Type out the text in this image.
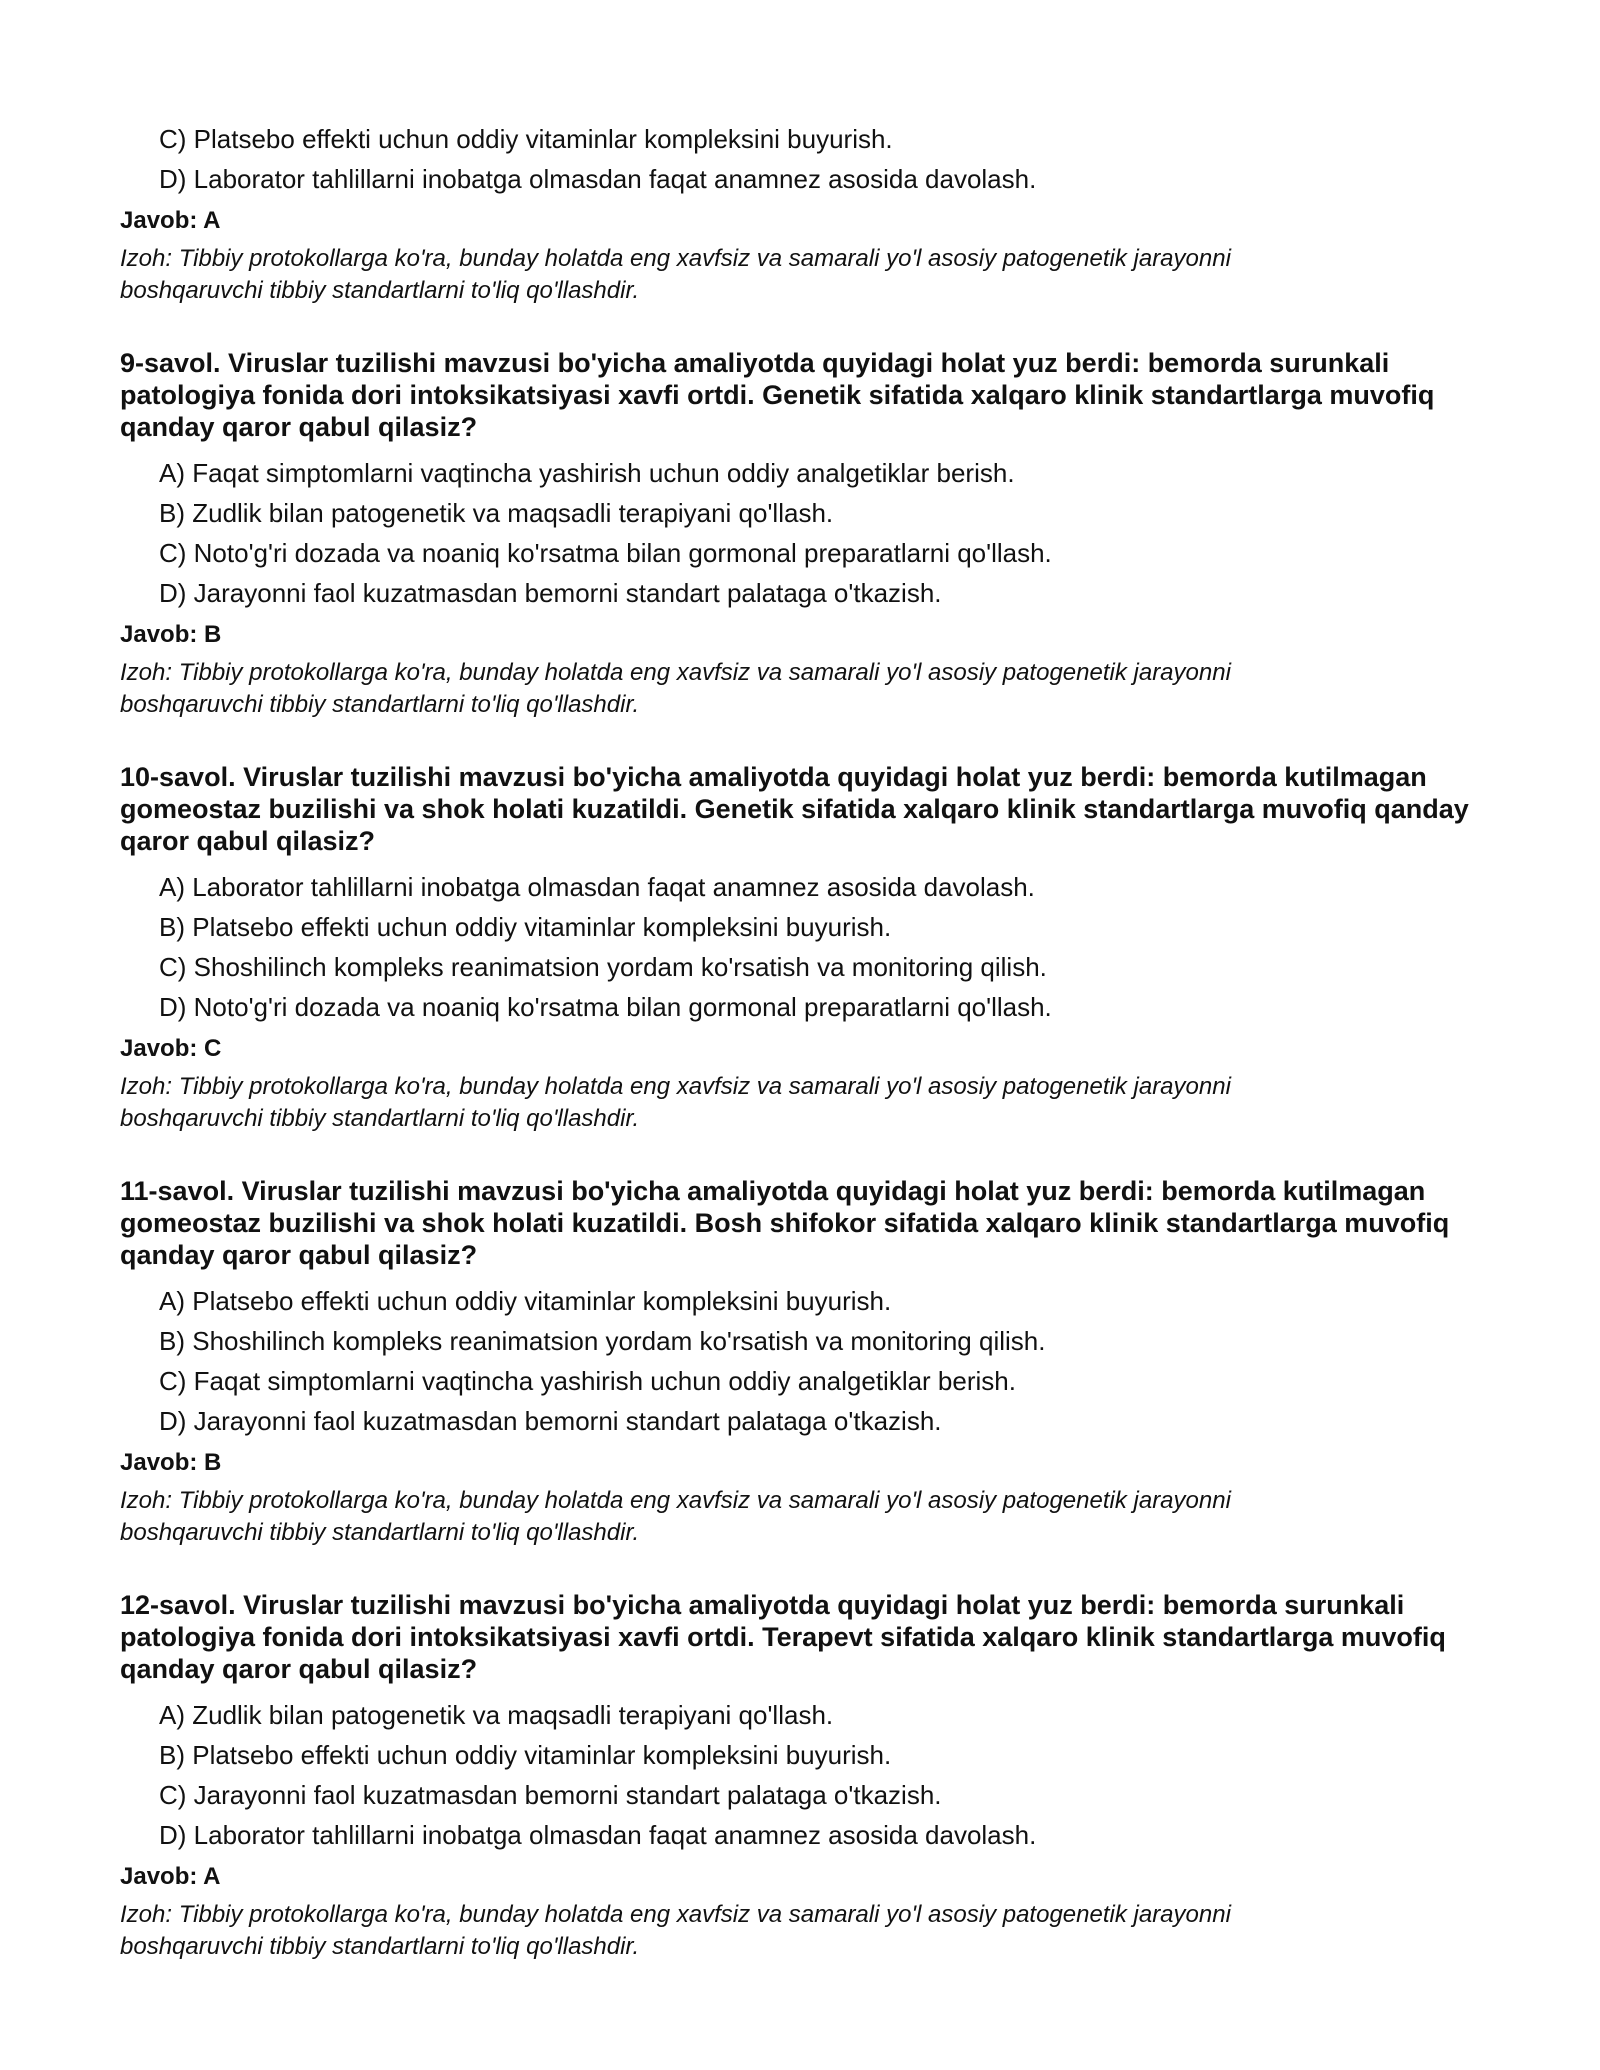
C) Platsebo effekti uchun oddiy vitaminlar kompleksini buyurish.
D) Laborator tahlillarni inobatga olmasdan faqat anamnez asosida davolash.
Javob: A
Izoh: Tibbiy protokollarga ko'ra, bunday holatda eng xavfsiz va samarali yo'l asosiy patogenetik jarayonni boshqaruvchi tibbiy standartlarni to'liq qo'llashdir.
9-savol. Viruslar tuzilishi mavzusi bo'yicha amaliyotda quyidagi holat yuz berdi: bemorda surunkali patologiya fonida dori intoksikatsiyasi xavfi ortdi. Genetik sifatida xalqaro klinik standartlarga muvofiq qanday qaror qabul qilasiz?
A) Faqat simptomlarni vaqtincha yashirish uchun oddiy analgetiklar berish.
B) Zudlik bilan patogenetik va maqsadli terapiyani qo'llash.
C) Noto'g'ri dozada va noaniq ko'rsatma bilan gormonal preparatlarni qo'llash.
D) Jarayonni faol kuzatmasdan bemorni standart palataga o'tkazish.
Javob: B
Izoh: Tibbiy protokollarga ko'ra, bunday holatda eng xavfsiz va samarali yo'l asosiy patogenetik jarayonni boshqaruvchi tibbiy standartlarni to'liq qo'llashdir.
10-savol. Viruslar tuzilishi mavzusi bo'yicha amaliyotda quyidagi holat yuz berdi: bemorda kutilmagan gomeostaz buzilishi va shok holati kuzatildi. Genetik sifatida xalqaro klinik standartlarga muvofiq qanday qaror qabul qilasiz?
A) Laborator tahlillarni inobatga olmasdan faqat anamnez asosida davolash.
B) Platsebo effekti uchun oddiy vitaminlar kompleksini buyurish.
C) Shoshilinch kompleks reanimatsion yordam ko'rsatish va monitoring qilish.
D) Noto'g'ri dozada va noaniq ko'rsatma bilan gormonal preparatlarni qo'llash.
Javob: C
Izoh: Tibbiy protokollarga ko'ra, bunday holatda eng xavfsiz va samarali yo'l asosiy patogenetik jarayonni boshqaruvchi tibbiy standartlarni to'liq qo'llashdir.
11-savol. Viruslar tuzilishi mavzusi bo'yicha amaliyotda quyidagi holat yuz berdi: bemorda kutilmagan gomeostaz buzilishi va shok holati kuzatildi. Bosh shifokor sifatida xalqaro klinik standartlarga muvofiq qanday qaror qabul qilasiz?
A) Platsebo effekti uchun oddiy vitaminlar kompleksini buyurish.
B) Shoshilinch kompleks reanimatsion yordam ko'rsatish va monitoring qilish.
C) Faqat simptomlarni vaqtincha yashirish uchun oddiy analgetiklar berish.
D) Jarayonni faol kuzatmasdan bemorni standart palataga o'tkazish.
Javob: B
Izoh: Tibbiy protokollarga ko'ra, bunday holatda eng xavfsiz va samarali yo'l asosiy patogenetik jarayonni boshqaruvchi tibbiy standartlarni to'liq qo'llashdir.
12-savol. Viruslar tuzilishi mavzusi bo'yicha amaliyotda quyidagi holat yuz berdi: bemorda surunkali patologiya fonida dori intoksikatsiyasi xavfi ortdi. Terapevt sifatida xalqaro klinik standartlarga muvofiq qanday qaror qabul qilasiz?
A) Zudlik bilan patogenetik va maqsadli terapiyani qo'llash.
B) Platsebo effekti uchun oddiy vitaminlar kompleksini buyurish.
C) Jarayonni faol kuzatmasdan bemorni standart palataga o'tkazish.
D) Laborator tahlillarni inobatga olmasdan faqat anamnez asosida davolash.
Javob: A
Izoh: Tibbiy protokollarga ko'ra, bunday holatda eng xavfsiz va samarali yo'l asosiy patogenetik jarayonni boshqaruvchi tibbiy standartlarni to'liq qo'llashdir.
